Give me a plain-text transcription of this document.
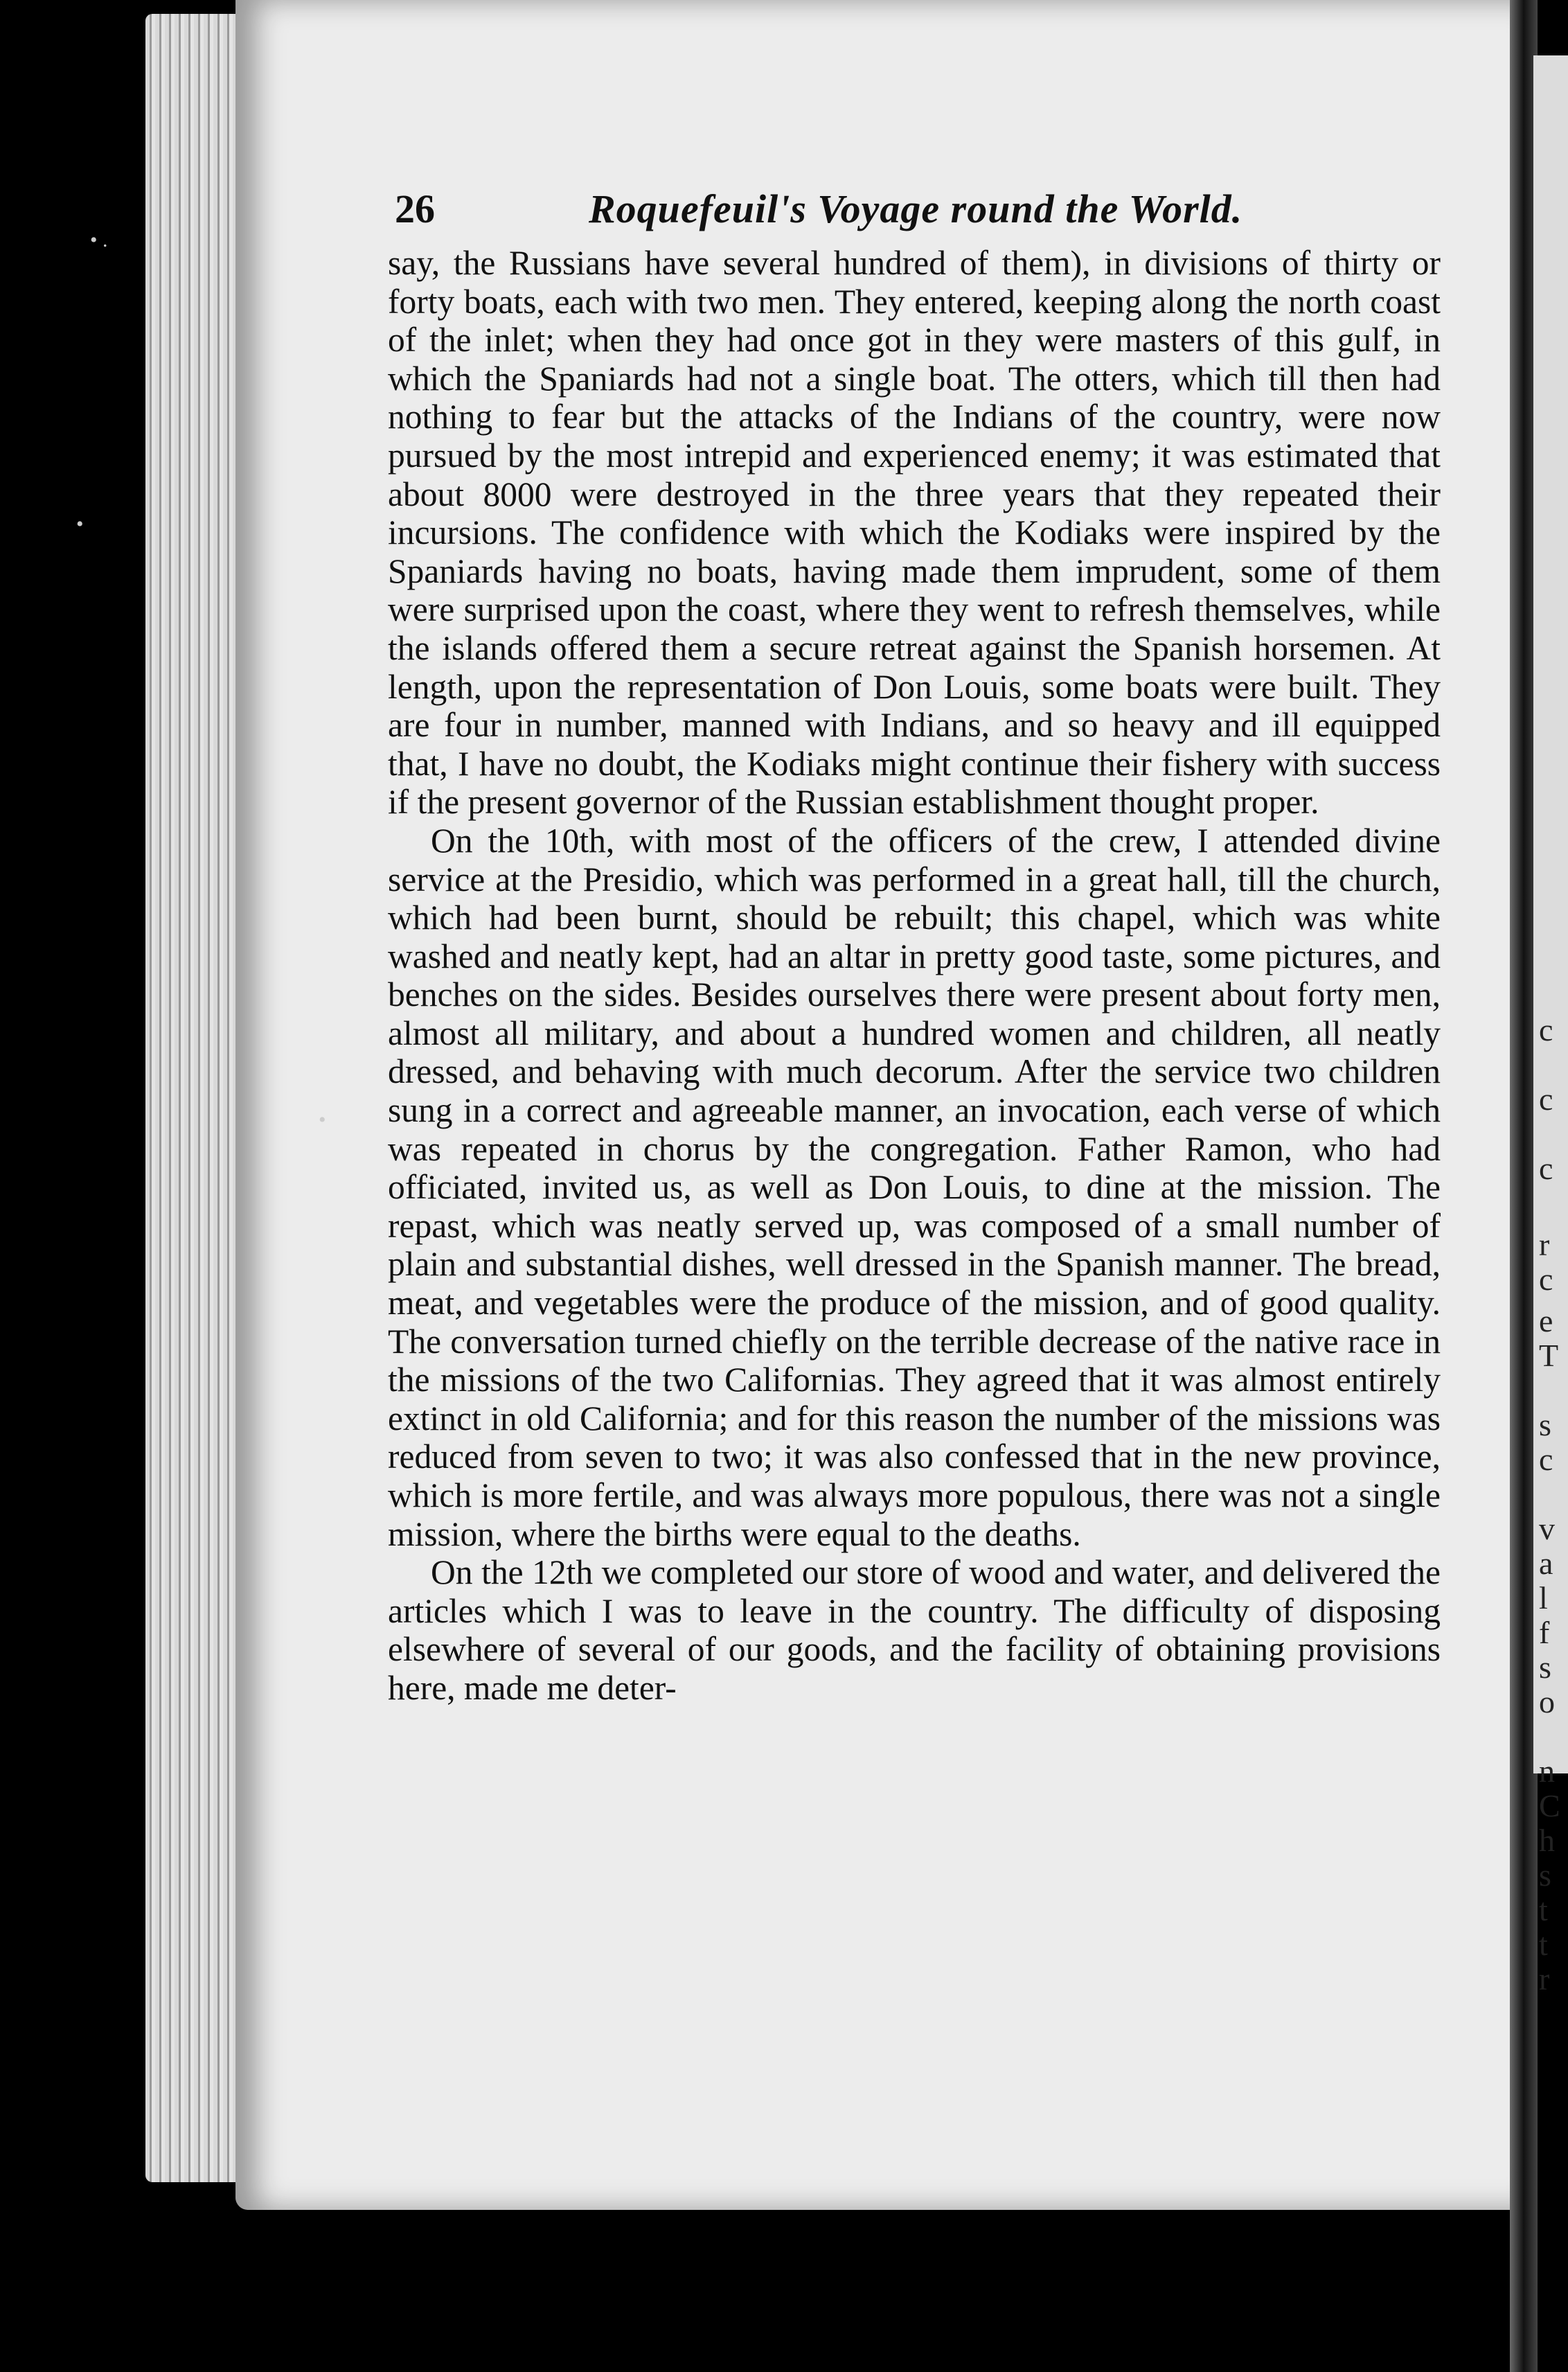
26	Roquefeuil's Voyage round the World.

say, the Russians have several hundred of them), in divisions of thirty or forty boats, each with two men. They entered, keeping along the north coast of the inlet; when they had once got in they were masters of this gulf, in which the Spaniards had not a single boat. The otters, which till then had nothing to fear but the attacks of the Indians of the country, were now pursued by the most intrepid and experienced enemy; it was estimated that about 8000 were destroyed in the three years that they repeated their incursions. The confidence with which the Kodiaks were inspired by the Spaniards having no boats, having made them imprudent, some of them were surprised upon the coast, where they went to refresh themselves, while the islands offered them a secure retreat against the Spanish horsemen. At length, upon the representation of Don Louis, some boats were built. They are four in number, manned with Indians, and so heavy and ill equipped that, I have no doubt, the Kodiaks might continue their fishery with success if the present governor of the Russian establishment thought proper.

On the 10th, with most of the officers of the crew, I attended divine service at the Presidio, which was performed in a great hall, till the church, which had been burnt, should be rebuilt; this chapel, which was white washed and neatly kept, had an altar in pretty good taste, some pictures, and benches on the sides. Besides ourselves there were present about forty men, almost all military, and about a hundred women and children, all neatly dressed, and behaving with much decorum. After the service two children sung in a correct and agreeable manner, an invocation, each verse of which was repeated in chorus by the congregation. Father Ramon, who had officiated, invited us, as well as Don Louis, to dine at the mission. The repast, which was neatly served up, was composed of a small number of plain and substantial dishes, well dressed in the Spanish manner. The bread, meat, and vegetables were the produce of the mission, and of good quality. The conversation turned chiefly on the terrible decrease of the native race in the missions of the two Californias. They agreed that it was almost entirely extinct in old California; and for this reason the number of the missions was reduced from seven to two; it was also confessed that in the new province, which is more fertile, and was always more populous, there was not a single mission, where the births were equal to the deaths.

On the 12th we completed our store of wood and water, and delivered the articles which I was to leave in the country. The difficulty of disposing elsewhere of several of our goods, and the facility of obtaining provisions here, made me deter-

c
c
c
r
c
e
T
s
c
v
a
l
f
s
o
n
C
h
s
t
t
r
• .
•
•
